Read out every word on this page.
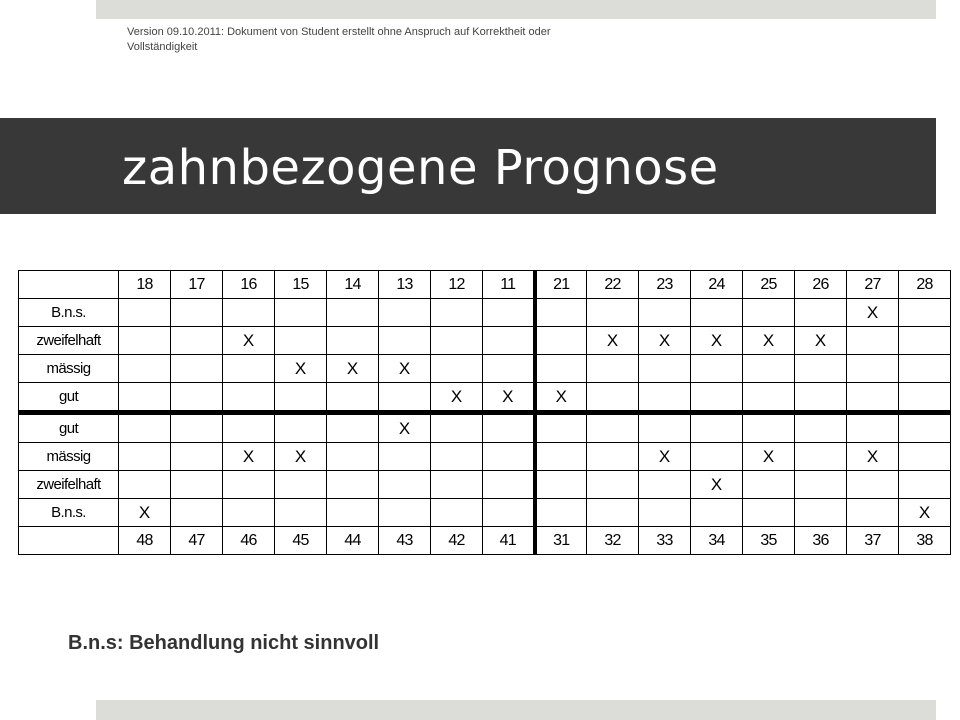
Version 09.10.2011: Dokument von Student erstellt ohne Anspruch auf Korrektheit oder Vollständigkeit
zahnbezogene Prognose
	18	17	16	15	14	13	12	11	21	22	23	24	25	26	27	28
B.n.s.															X	
zweifelhaft			X							X	X	X	X	X		
mässig				X	X	X										
gut							X	X	X							
gut						X										
mässig			X	X							X		X		X	
zweifelhaft												X				
B.n.s.	X															X
	48	47	46	45	44	43	42	41	31	32	33	34	35	36	37	38
B.n.s: Behandlung nicht sinnvoll
